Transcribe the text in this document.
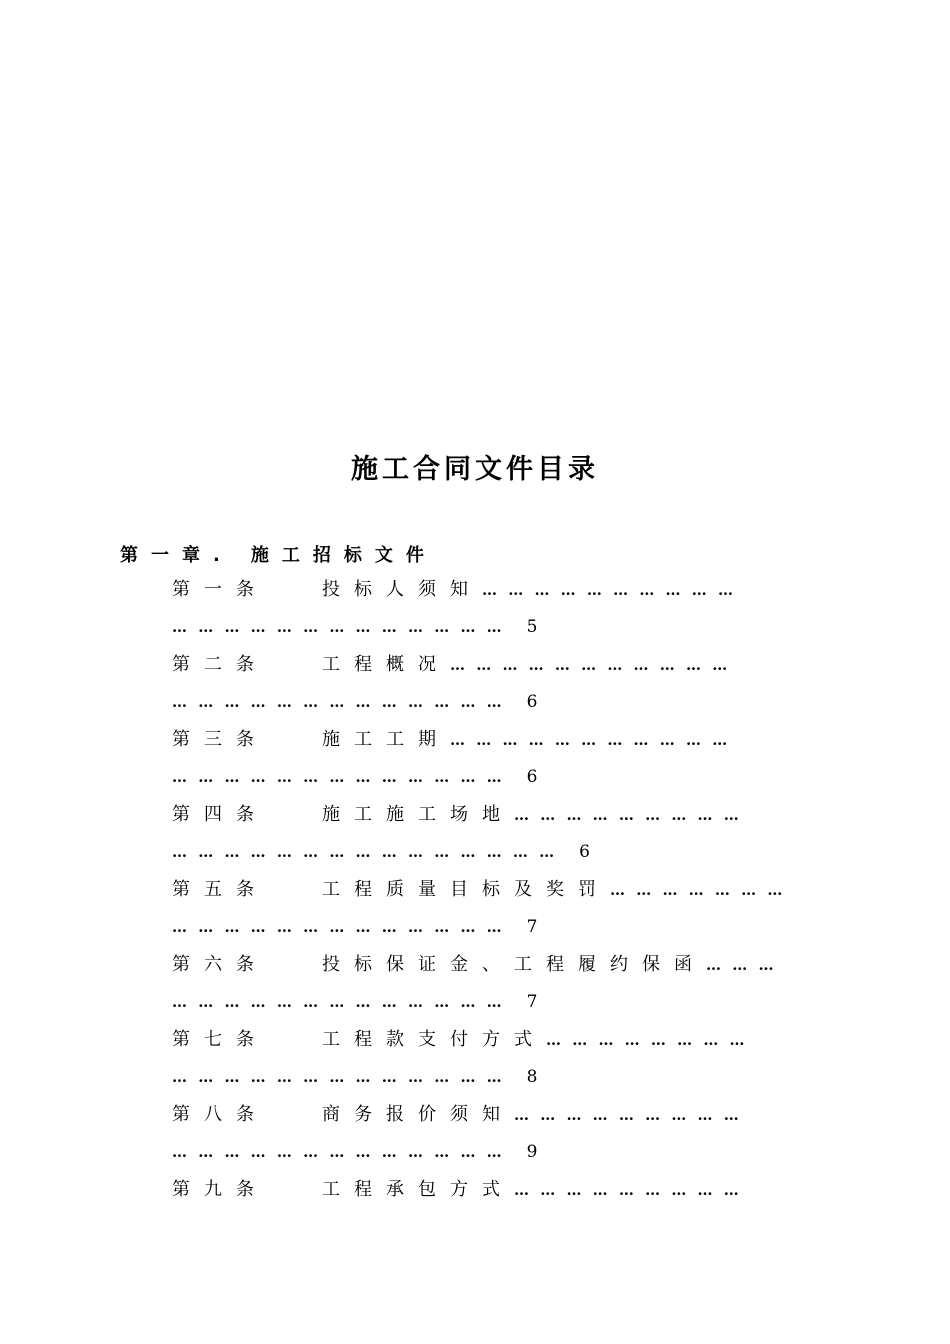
施工合同文件目录
第一章. 施工招标文件
第一条	投标人须知… … … … … … … … … …
… … … … … … … … … … … … … 5
第二条	工程概况… … … … … … … … … … …
… … … … … … … … … … … … … 6
第三条	施工工期… … … … … … … … … … …
… … … … … … … … … … … … … 6
第四条	施工施工场地… … … … … … … … …
… … … … … … … … … … … … … … … 6
第五条	工程质量目标及奖罚… … … … … … …
… … … … … … … … … … … … … 7
第六条	投标保证金、工程履约保函… … …
… … … … … … … … … … … … … 7
第七条	工程款支付方式… … … … … … … …
… … … … … … … … … … … … … 8
第八条	商务报价须知… … … … … … … … …
… … … … … … … … … … … … … 9
第九条	工程承包方式… … … … … … … … …
